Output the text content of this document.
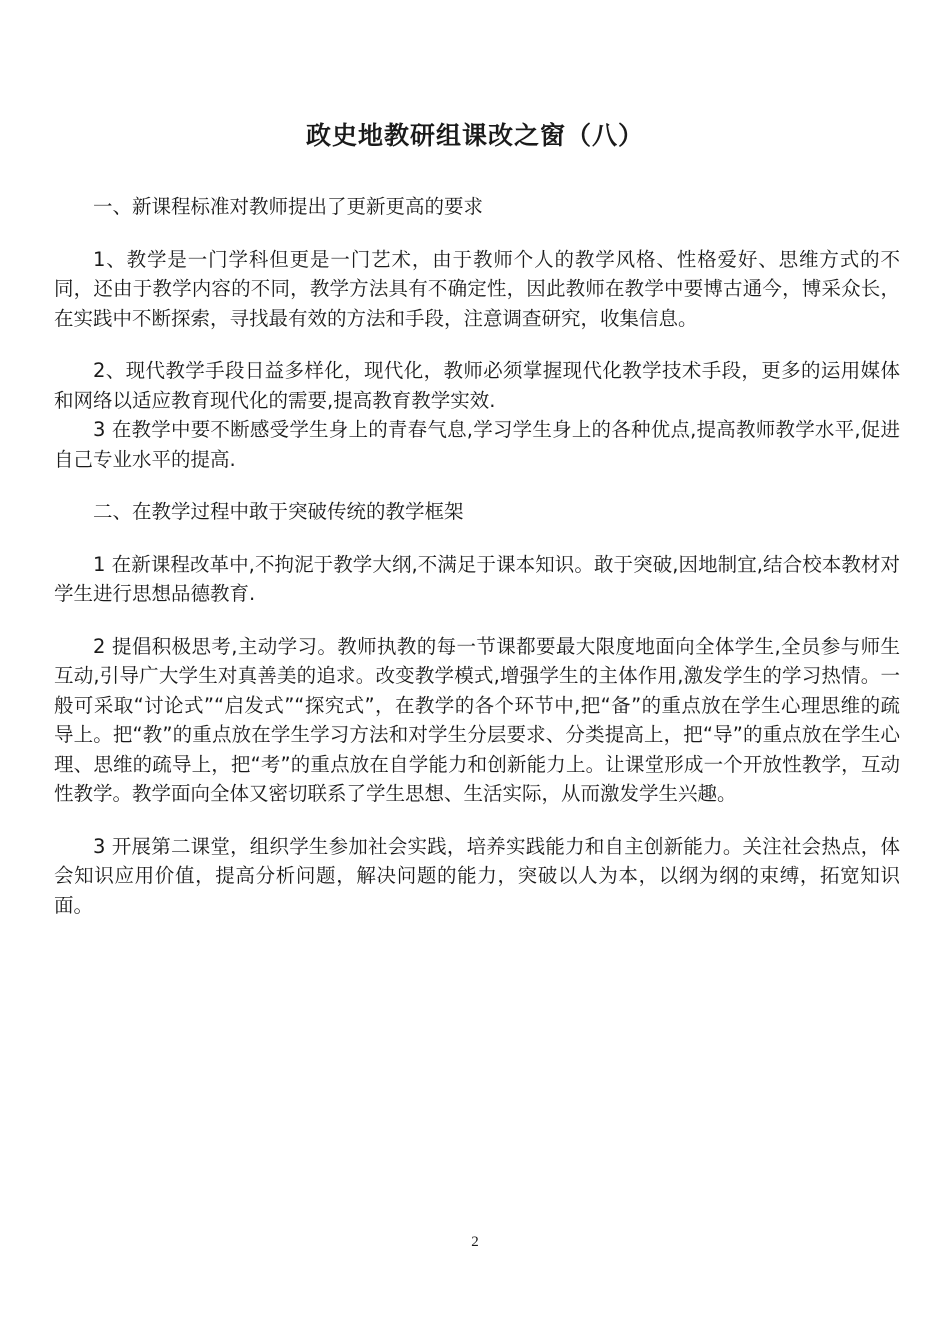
政史地教研组课改之窗（八）

一、新课程标准对教师提出了更新更高的要求

1、教学是一门学科但更是一门艺术，由于教师个人的教学风格、性格爱好、思维方式的不同，还由于教学内容的不同，教学方法具有不确定性，因此教师在教学中要博古通今，博采众长，在实践中不断探索，寻找最有效的方法和手段，注意调查研究，收集信息。

2、现代教学手段日益多样化，现代化，教师必须掌握现代化教学技术手段，更多的运用媒体和网络以适应教育现代化的需要,提高教育教学实效.

3 在教学中要不断感受学生身上的青春气息,学习学生身上的各种优点,提高教师教学水平,促进自己专业水平的提高.

二、在教学过程中敢于突破传统的教学框架

1 在新课程改革中,不拘泥于教学大纲,不满足于课本知识。敢于突破,因地制宜,结合校本教材对学生进行思想品德教育.

2 提倡积极思考,主动学习。教师执教的每一节课都要最大限度地面向全体学生,全员参与师生互动,引导广大学生对真善美的追求。改变教学模式,增强学生的主体作用,激发学生的学习热情。一般可采取“讨论式”“启发式”“探究式”，在教学的各个环节中,把“备”的重点放在学生心理思维的疏导上。把“教”的重点放在学生学习方法和对学生分层要求、分类提高上，把“导”的重点放在学生心理、思维的疏导上，把“考”的重点放在自学能力和创新能力上。让课堂形成一个开放性教学，互动性教学。教学面向全体又密切联系了学生思想、生活实际，从而激发学生兴趣。

3 开展第二课堂，组织学生参加社会实践，培养实践能力和自主创新能力。关注社会热点，体会知识应用价值，提高分析问题，解决问题的能力，突破以人为本，以纲为纲的束缚，拓宽知识面。

2
